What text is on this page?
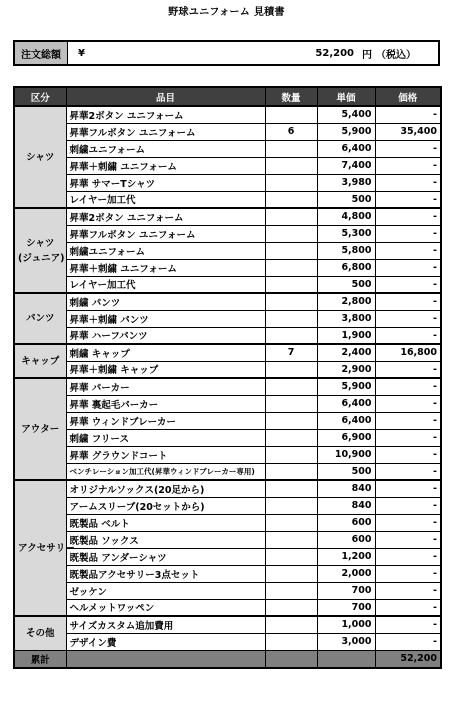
野球ユニフォーム 見積書
注文総額	¥	52,200 円 （税込）
区分	品目	数量	単価	価格
シャツ	昇華2ボタン ユニフォーム		5,400	-
	昇華フルボタン ユニフォーム	6	5,900	35,400
	刺繍ユニフォーム		6,400	-
	昇華＋刺繍 ユニフォーム		7,400	-
	昇華 サマーTシャツ		3,980	-
	レイヤー加工代		500	-
シャツ
(ジュニア)	昇華2ボタン ユニフォーム		4,800	-
	昇華フルボタン ユニフォーム		5,300	-
	刺繍ユニフォーム		5,800	-
	昇華＋刺繍 ユニフォーム		6,800	-
	レイヤー加工代		500	-
パンツ	刺繍 パンツ		2,800	-
	昇華＋刺繍 パンツ		3,800	-
	昇華 ハーフパンツ		1,900	-
キャップ	刺繍 キャップ	7	2,400	16,800
	昇華＋刺繍 キャップ		2,900	-
アウター	昇華 パーカー		5,900	-
	昇華 裏起毛パーカー		6,400	-
	昇華 ウィンドブレーカー		6,400	-
	刺繍 フリース		6,900	-
	昇華 グラウンドコート		10,900	-
	ベンチレーション加工代(昇華ウィンドブレーカー専用)		500	-
アクセサリー	オリジナルソックス(20足から)		840	-
	アームスリーブ(20セットから)		840	-
	既製品 ベルト		600	-
	既製品 ソックス		600	-
	既製品 アンダーシャツ		1,200	-
	既製品アクセサリー3点セット		2,000	-
	ゼッケン		700	-
	ヘルメットワッペン		700	-
その他	サイズカスタム追加費用		1,000	-
	デザイン費		3,000	-
累計				52,200
